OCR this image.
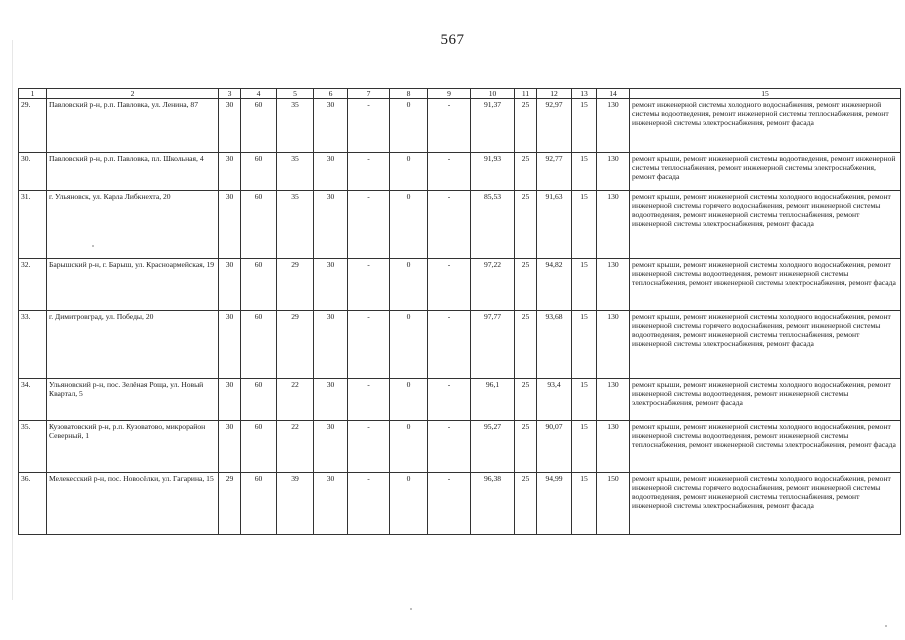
567
1	2	3	4	5	6	7	8	9	10	11	12	13	14	15
29.	Павловский р-н, р.п. Павловка, ул. Ленина, 87	30	60	35	30	-	0	-	91,37	25	92,97	15	130	ремонт инженерной системы холодного водоснабжения, ремонт инженерной системы водоотведения, ремонт инженерной системы теплоснабжения, ремонт инженерной системы электроснабжения, ремонт фасада
30.	Павловский р-н, р.п. Павловка, пл. Школьная, 4	30	60	35	30	-	0	-	91,93	25	92,77	15	130	ремонт крыши, ремонт инженерной системы водоотведения, ремонт инженерной системы теплоснабжения, ремонт инженерной системы электроснабжения, ремонт фасада
31.	г. Ульяновск, ул. Карла Либкнехта, 20	30	60	35	30	-	0	-	85,53	25	91,63	15	130	ремонт крыши, ремонт инженерной системы холодного водоснабжения, ремонт инженерной системы горячего водоснабжения, ремонт инженерной системы водоотведения, ремонт инженерной системы теплоснабжения, ремонт инженерной системы электроснабжения, ремонт фасада
32.	Барышский р-н, г. Барыш, ул. Красноармейская, 19	30	60	29	30	-	0	-	97,22	25	94,82	15	130	ремонт крыши, ремонт инженерной системы холодного водоснабжения, ремонт инженерной системы водоотведения, ремонт инженерной системы теплоснабжения, ремонт инженерной системы электроснабжения, ремонт фасада
33.	г. Димитровград, ул. Победы, 20	30	60	29	30	-	0	-	97,77	25	93,68	15	130	ремонт крыши, ремонт инженерной системы холодного водоснабжения, ремонт инженерной системы горячего водоснабжения, ремонт инженерной системы водоотведения, ремонт инженерной системы теплоснабжения, ремонт инженерной системы электроснабжения, ремонт фасада
34.	Ульяновский р-н, пос. Зелёная Роща, ул. Новый Квартал, 5	30	60	22	30	-	0	-	96,1	25	93,4	15	130	ремонт крыши, ремонт инженерной системы холодного водоснабжения, ремонт инженерной системы водоотведения, ремонт инженерной системы электроснабжения, ремонт фасада
35.	Кузоватовский р-н, р.п. Кузоватово, микрорайон Северный, 1	30	60	22	30	-	0	-	95,27	25	90,07	15	130	ремонт крыши, ремонт инженерной системы холодного водоснабжения, ремонт инженерной системы водоотведения, ремонт инженерной системы теплоснабжения, ремонт инженерной системы электроснабжения, ремонт фасада
36.	Мелекесский р-н, пос. Новосёлки, ул. Гагарина, 15	29	60	39	30	-	0	-	96,38	25	94,99	15	150	ремонт крыши, ремонт инженерной системы холодного водоснабжения, ремонт инженерной системы горячего водоснабжения, ремонт инженерной системы водоотведения, ремонт инженерной системы теплоснабжения, ремонт инженерной системы электроснабжения, ремонт фасада
